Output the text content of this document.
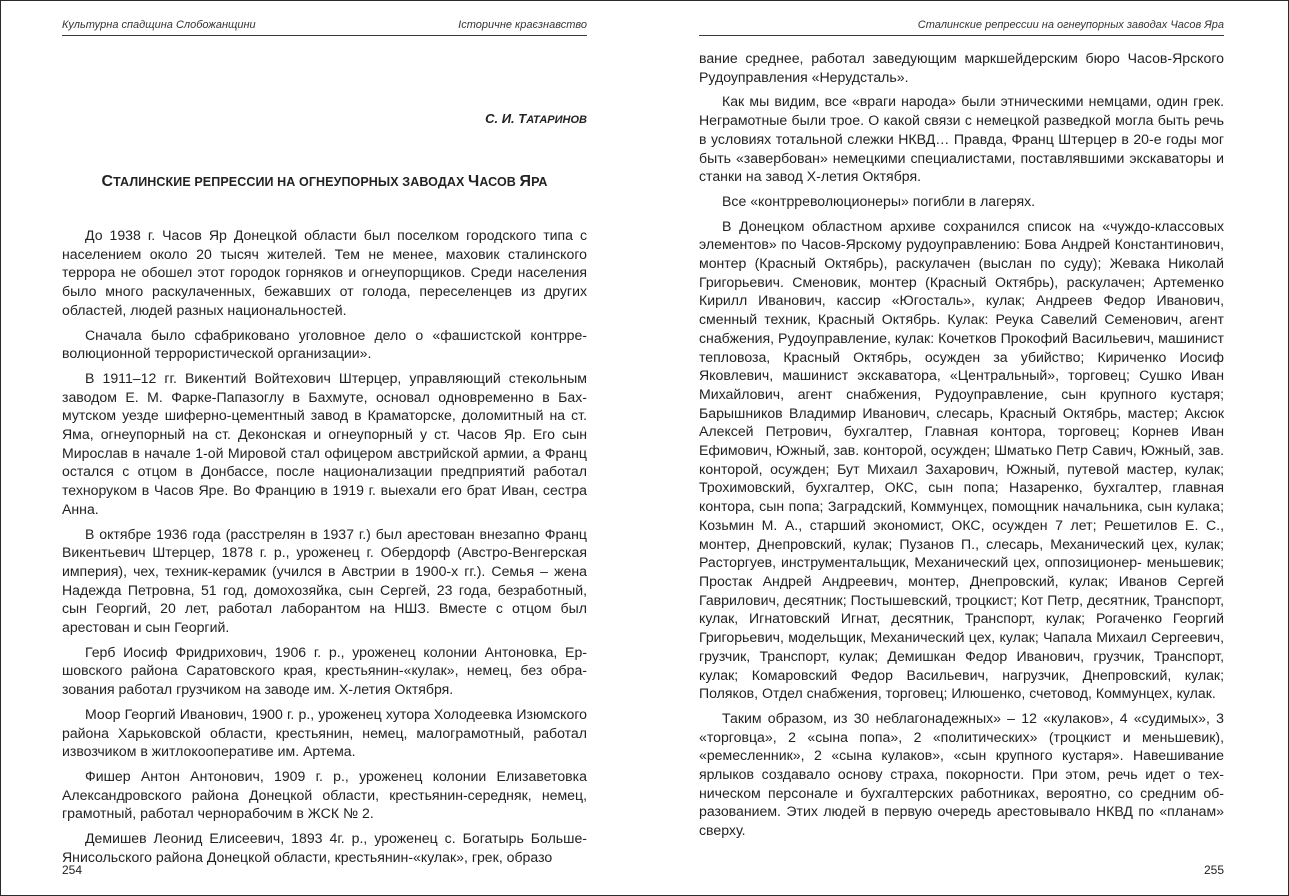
Культурна спадщина Слобожанщини	Історичне краєзнавство
С. И. ТАТАРИНОВ
СТАЛИНСКИЕ РЕПРЕССИИ НА ОГНЕУПОРНЫХ ЗАВОДАХ ЧАСОВ ЯРА

До 1938 г. Часов Яр Донецкой области был поселком городского типа с населением около 20 тысяч жителей. Тем не менее, маховик сталинского террора не обошел этот городок горняков и огнеупорщиков. Среди населения было много раскулаченных, бежавших от голода, переселенцев из других областей, людей разных национальностей.

Сначала было сфабриковано уголовное дело о «фашистской контрреволюционной террористической организации».

В 1911–12 гг. Викентий Войтехович Штерцер, управляющий стекольным заводом Е. М. Фарке-Папазоглу в Бахмуте, основал одновременно в Бахмутском уезде шиферно-цементный завод в Краматорске, доломитный на ст. Яма, огнеупорный на ст. Деконская и огнеупорный у ст. Часов Яр. Его сын Мирослав в начале 1-ой Мировой стал офицером австрийской армии, а Франц остался с отцом в Донбассе, после национализации предприятий работал техноруком в Часов Яре. Во Францию в 1919 г. выехали его брат Иван, сестра Анна.

В октябре 1936 года (расстрелян в 1937 г.) был арестован внезапно Франц Викентьевич Штерцер, 1878 г. р., уроженец г. Обердорф (Австро-Венгерская империя), чех, техник-керамик (учился в Австрии в 1900-х гг.). Семья – жена Надежда Петровна, 51 год, домохозяйка, сын Сергей, 23 года, безработный, сын Георгий, 20 лет, работал лаборантом на НШЗ. Вместе с отцом был арестован и сын Георгий.

Герб Иосиф Фридрихович, 1906 г. р., уроженец колонии Антоновка, Ершовского района Саратовского края, крестьянин-«кулак», немец, без образования работал грузчиком на заводе им. Х-летия Октября.

Моор Георгий Иванович, 1900 г. р., уроженец хутора Холодеевка Изюмского района Харьковской области, крестьянин, немец, малограмотный, работал извозчиком в житлокооперативе им. Артема.

Фишер Антон Антонович, 1909 г. р., уроженец колонии Елизаветовка Александровского района Донецкой области, крестьянин-середняк, немец, грамотный, работал чернорабочим в ЖСК № 2.

Демишев Леонид Елисеевич, 1893 4г. р., уроженец с. Богатырь Больше-Янисольского района Донецкой области, крестьянин-«кулак», грек, образо

254
Сталинские репрессии на огнеупорных заводах Часов Яра

вание среднее, работал заведующим маркшейдерским бюро Часов-Ярского Рудоуправления «Нерудсталь».

Как мы видим, все «враги народа» были этническими немцами, один грек. Неграмотные были трое. О какой связи с немецкой разведкой могла быть речь в условиях тотальной слежки НКВД… Правда, Франц Штерцер в 20-е годы мог быть «завербован» немецкими специалистами, поставлявшими экскаваторы и станки на завод Х-летия Октября.

Все «контрреволюционеры» погибли в лагерях.

В Донецком областном архиве сохранился список на «чуждо-классовых элементов» по Часов-Ярскому рудоуправлению: Бова Андрей Константинович, монтер (Красный Октябрь), раскулачен (выслан по суду); Жевака Николай Григорьевич. Сменовик, монтер (Красный Октябрь), раскулачен; Артеменко Кирилл Иванович, кассир «Югосталь», кулак; Андреев Федор Иванович, сменный техник, Красный Октябрь. Кулак: Реука Савелий Семенович, агент снабжения, Рудоуправление, кулак: Кочетков Прокофий Васильевич, машинист тепловоза, Красный Октябрь, осужден за убийство; Кириченко Иосиф Яковлевич, машинист экскаватора, «Центральный», торговец; Сушко Иван Михайлович, агент снабжения, Рудоуправление, сын крупного кустаря; Барышников Владимир Иванович, слесарь, Красный Октябрь, мастер; Аксюк Алексей Петрович, бухгалтер, Главная контора, торговец; Корнев Иван Ефимович, Южный, зав. конторой, осужден; Шматько Петр Савич, Южный, зав. конторой, осужден; Бут Михаил Захарович, Южный, путевой мастер, кулак; Трохимовский, бухгалтер, ОКС, сын попа; Назаренко, бухгалтер, главная контора, сын попа; Заградский, Коммунцех, помощник начальника, сын кулака; Козьмин М. А., старший экономист, ОКС, осужден 7 лет; Решетилов Е. С., монтер, Днепровский, кулак; Пузанов П., слесарь, Механический цех, кулак; Расторгуев, инструментальщик, Механический цех, оппозиционер- меньшевик; Простак Андрей Андреевич, монтер, Днепровский, кулак; Иванов Сергей Гаврилович, десятник; Постышевский, троцкист; Кот Петр, десятник, Транспорт, кулак, Игнатовский Игнат, десятник, Транспорт, кулак; Рогаченко Георгий Григорьевич, модельщик, Механический цех, кулак; Чапала Михаил Сергеевич, грузчик, Транспорт, кулак; Демишкан Федор Иванович, грузчик, Транспорт, кулак; Комаровский Федор Васильевич, нагрузчик, Днепровский, кулак; Поляков, Отдел снабжения, торговец; Илюшенко, счетовод, Коммунцех, кулак.

Таким образом, из 30 неблагонадежных» – 12 «кулаков», 4 «судимых», 3 «торговца», 2 «сына попа», 2 «политических» (троцкист и меньшевик), «ремесленник», 2 «сына кулаков», «сын крупного кустаря». Навешивание ярлыков создавало основу страха, покорности. При этом, речь идет о техническом персонале и бухгалтерских работниках, вероятно, со средним образованием. Этих людей в первую очередь арестовывало НКВД по «планам» сверху.

255
